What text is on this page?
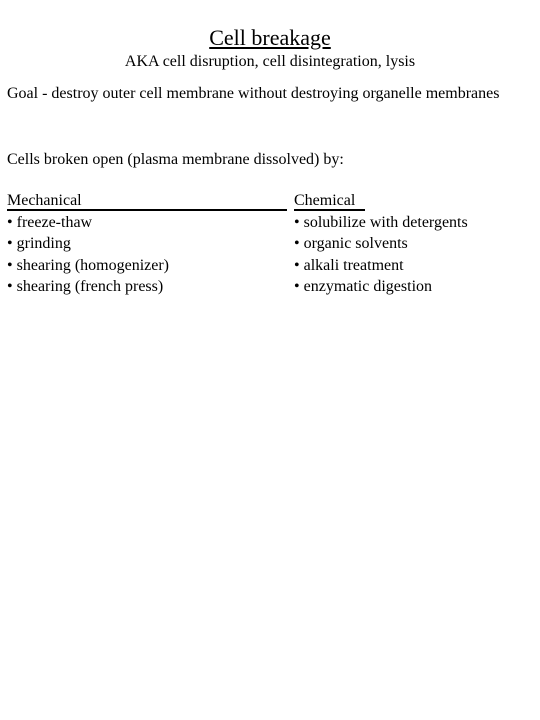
Cell breakage
AKA cell disruption, cell disintegration, lysis
Goal - destroy outer cell membrane without destroying organelle membranes
Cells broken open (plasma membrane dissolved) by:
Mechanical
• freeze-thaw
• grinding
• shearing (homogenizer)
• shearing (french press)
Chemical
• solubilize with detergents
• organic solvents
• alkali treatment
• enzymatic digestion
